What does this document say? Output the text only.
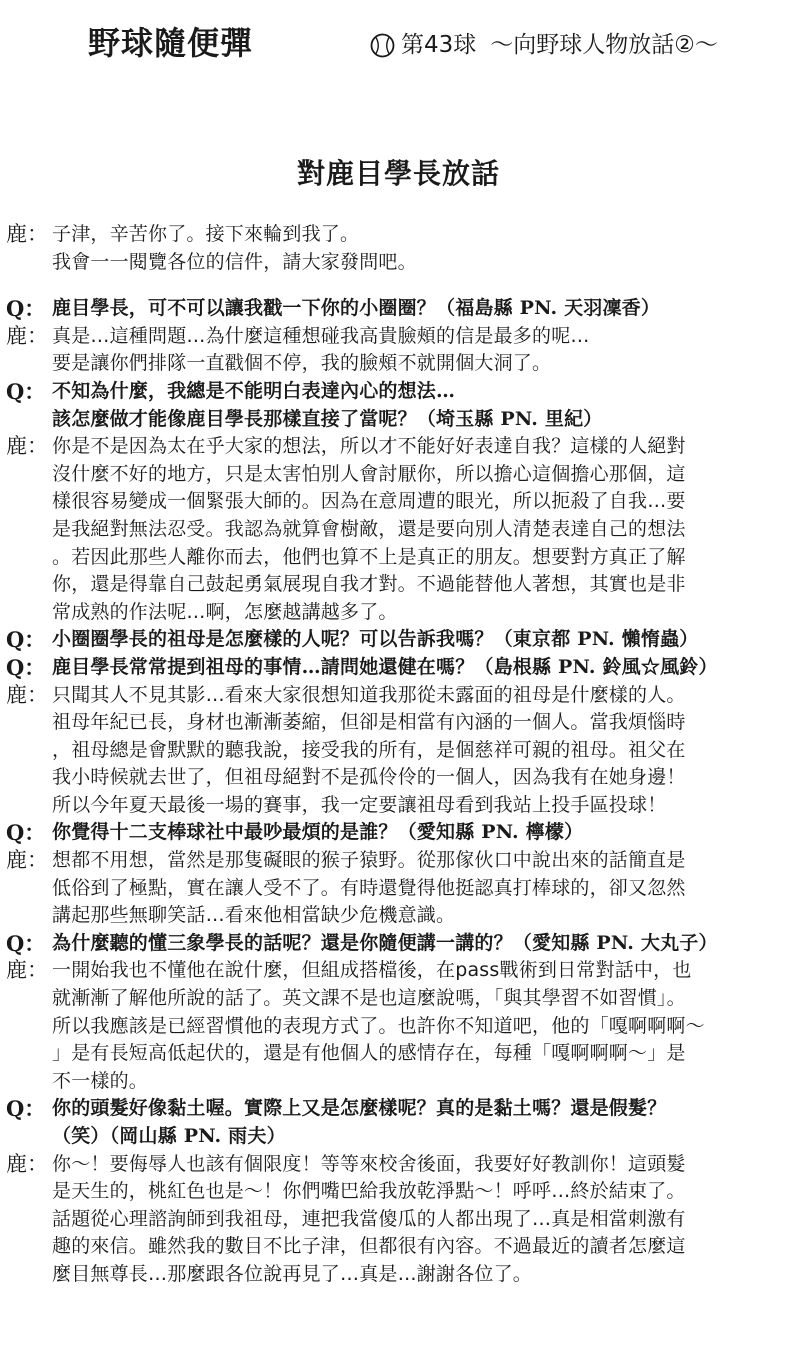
野球隨便彈	第43球 ～向野球人物放話②～
對鹿目學長放話
鹿： 子津，辛苦你了。接下來輪到我了。
我會一一閱覽各位的信件，請大家發問吧。
Q： 鹿目學長，可不可以讓我戳一下你的小圈圈？（福島縣 PN. 天羽凜香）
鹿： 真是…這種問題…為什麼這種想碰我高貴臉頰的信是最多的呢…
要是讓你們排隊一直戳個不停，我的臉頰不就開個大洞了。
Q： 不知為什麼，我總是不能明白表達內心的想法…
該怎麼做才能像鹿目學長那樣直接了當呢？（埼玉縣 PN. 里紀）
鹿： 你是不是因為太在乎大家的想法，所以才不能好好表達自我？這樣的人絕對
沒什麼不好的地方，只是太害怕別人會討厭你，所以擔心這個擔心那個，這
樣很容易變成一個緊張大師的。因為在意周遭的眼光，所以扼殺了自我…要
是我絕對無法忍受。我認為就算會樹敵，還是要向別人清楚表達自己的想法
。若因此那些人離你而去，他們也算不上是真正的朋友。想要對方真正了解
你，還是得靠自己鼓起勇氣展現自我才對。不過能替他人著想，其實也是非
常成熟的作法呢…啊，怎麼越講越多了。
Q： 小圈圈學長的祖母是怎麼樣的人呢？可以告訴我嗎？（東京都 PN. 懶惰蟲）
Q： 鹿目學長常常提到祖母的事情…請問她還健在嗎？（島根縣 PN. 鈴風☆風鈴）
鹿： 只聞其人不見其影…看來大家很想知道我那從未露面的祖母是什麼樣的人。
祖母年紀已長，身材也漸漸萎縮，但卻是相當有內涵的一個人。當我煩惱時
，祖母總是會默默的聽我說，接受我的所有，是個慈祥可親的祖母。祖父在
我小時候就去世了，但祖母絕對不是孤伶伶的一個人，因為我有在她身邊！
所以今年夏天最後一場的賽事，我一定要讓祖母看到我站上投手區投球！
Q： 你覺得十二支棒球社中最吵最煩的是誰？（愛知縣 PN. 檸檬）
鹿： 想都不用想，當然是那隻礙眼的猴子猿野。從那傢伙口中說出來的話簡直是
低俗到了極點，實在讓人受不了。有時還覺得他挺認真打棒球的，卻又忽然
講起那些無聊笑話…看來他相當缺少危機意識。
Q： 為什麼聽的懂三象學長的話呢？還是你隨便講一講的？（愛知縣 PN. 大丸子）
鹿： 一開始我也不懂他在說什麼，但組成搭檔後，在pass戰術到日常對話中，也
就漸漸了解他所說的話了。英文課不是也這麼說嗎，「與其學習不如習慣」。
所以我應該是已經習慣他的表現方式了。也許你不知道吧，他的「嘎啊啊啊～
」是有長短高低起伏的，還是有他個人的感情存在，每種「嘎啊啊啊～」是
不一樣的。
Q： 你的頭髮好像黏土喔。實際上又是怎麼樣呢？真的是黏土嗎？還是假髮？
（笑）（岡山縣 PN. 雨夫）
鹿： 你～！要侮辱人也該有個限度！等等來校舍後面，我要好好教訓你！這頭髮
是天生的，桃紅色也是～！你們嘴巴給我放乾淨點～！呼呼…終於結束了。
話題從心理諮詢師到我祖母，連把我當傻瓜的人都出現了…真是相當刺激有
趣的來信。雖然我的數目不比子津，但都很有內容。不過最近的讀者怎麼這
麼目無尊長…那麼跟各位說再見了…真是…謝謝各位了。
